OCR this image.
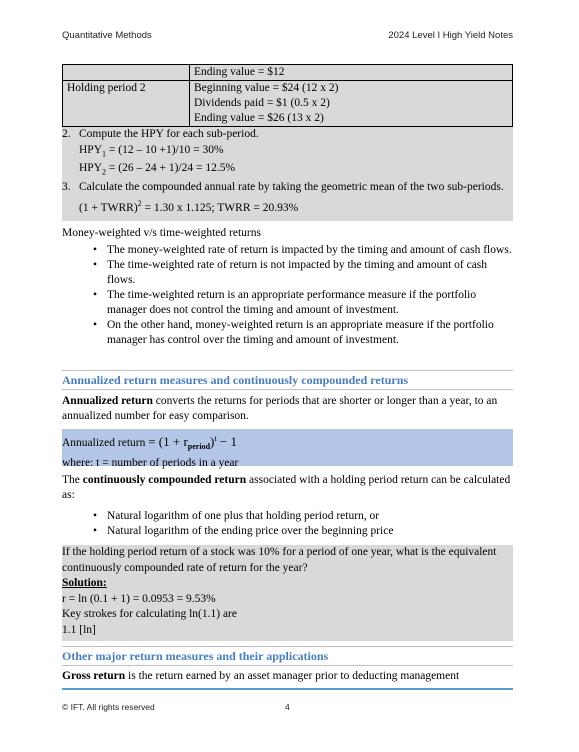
Quantitative Methods	2024 Level I High Yield Notes

	Ending value = $12

Holding period 2	Beginning value = $24 (12 x 2)
Dividends paid = $1 (0.5 x 2)
Ending value = $26 (13 x 2)
2. Compute the HPY for each sub-period.
$HPY_1 = (12 - 10 +1)/10 = 30\%$
$HPY_2 = (26 - 24 + 1)/24 = 12.5\%$
3. Calculate the compounded annual rate by taking the geometric mean of the two sub-periods.
(1 + TWRR)$^2$ = 1.30 x 1.125; TWRR = 20.93%
Money-weighted v/s time-weighted returns
• The money-weighted rate of return is impacted by the timing and amount of cash flows.
• The time-weighted rate of return is not impacted by the timing and amount of cash flows.
• The time-weighted return is an appropriate performance measure if the portfolio manager does not control the timing and amount of investment.
• On the other hand, money-weighted return is an appropriate measure if the portfolio manager has control over the timing and amount of investment.
Annualized return measures and continuously compounded returns
Annualized return converts the returns for periods that are shorter or longer than a year, to an annualized number for easy comparison.
Annualized return = $(1 + r_{period})^t - 1$
where: t = number of periods in a year
The continuously compounded return associated with a holding period return can be calculated as:
• Natural logarithm of one plus that holding period return, or
• Natural logarithm of the ending price over the beginning price
If the holding period return of a stock was 10% for a period of one year, what is the equivalent continuously compounded rate of return for the year?
Solution:
r = ln (0.1 + 1) = 0.0953 = 9.53%
Key strokes for calculating ln(1.1) are
1.1 [ln]
Other major return measures and their applications
Gross return is the return earned by an asset manager prior to deducting management
© IFT. All rights reserved	4
